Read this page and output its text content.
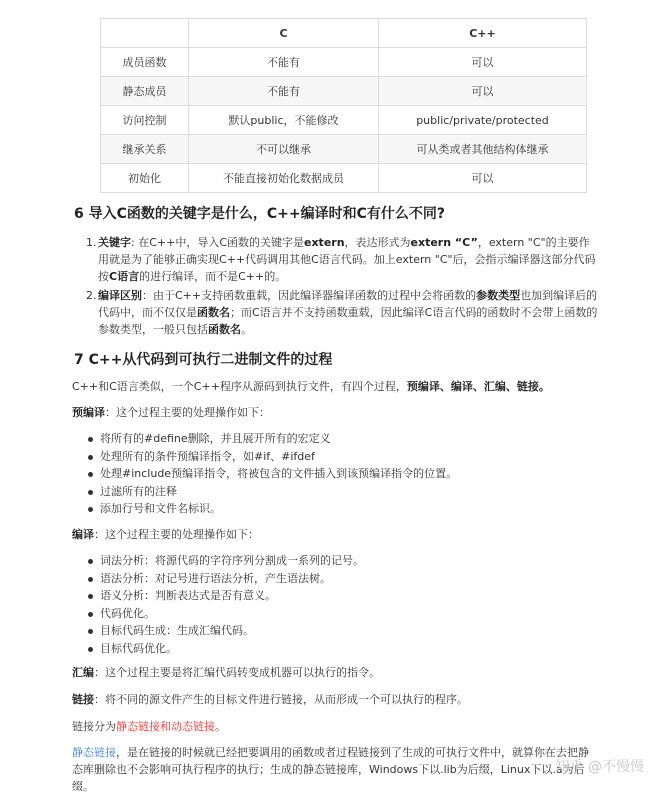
	C	C++
成员函数	不能有	可以
静态成员	不能有	可以
访问控制	默认public，不能修改	public/private/protected
继承关系	不可以继承	可从类或者其他结构体继承
初始化	不能直接初始化数据成员	可以
6 导入C函数的关键字是什么，C++编译时和C有什么不同?
1. 关键字: 在C++中，导入C函数的关键字是extern，表达形式为extern “C”，extern "C"的主要作用就是为了能够正确实现C++代码调用其他C语言代码。加上extern "C"后，会指示编译器这部分代码按C语言的进行编译，而不是C++的。
2. 编译区别：由于C++支持函数重载，因此编译器编译函数的过程中会将函数的参数类型也加到编译后的代码中，而不仅仅是函数名；而C语言并不支持函数重载，因此编译C语言代码的函数时不会带上函数的参数类型，一般只包括函数名。
7 C++从代码到可执行二进制文件的过程
C++和C语言类似，一个C++程序从源码到执行文件，有四个过程，预编译、编译、汇编、链接。
预编译：这个过程主要的处理操作如下：
将所有的#define删除，并且展开所有的宏定义
处理所有的条件预编译指令，如#if、#ifdef
处理#include预编译指令，将被包含的文件插入到该预编译指令的位置。
过滤所有的注释
添加行号和文件名标识。
编译：这个过程主要的处理操作如下：
词法分析：将源代码的字符序列分割成一系列的记号。
语法分析：对记号进行语法分析，产生语法树。
语义分析：判断表达式是否有意义。
代码优化。
目标代码生成：生成汇编代码。
目标代码优化。
汇编：这个过程主要是将汇编代码转变成机器可以执行的指令。
链接：将不同的源文件产生的目标文件进行链接，从而形成一个可以执行的程序。
链接分为静态链接和动态链接。
静态链接，是在链接的时候就已经把要调用的函数或者过程链接到了生成的可执行文件中，就算你在去把静态库删除也不会影响可执行程序的执行；生成的静态链接库，Windows下以.lib为后缀，Linux下以.a为后缀。
知乎 @不慢慢
